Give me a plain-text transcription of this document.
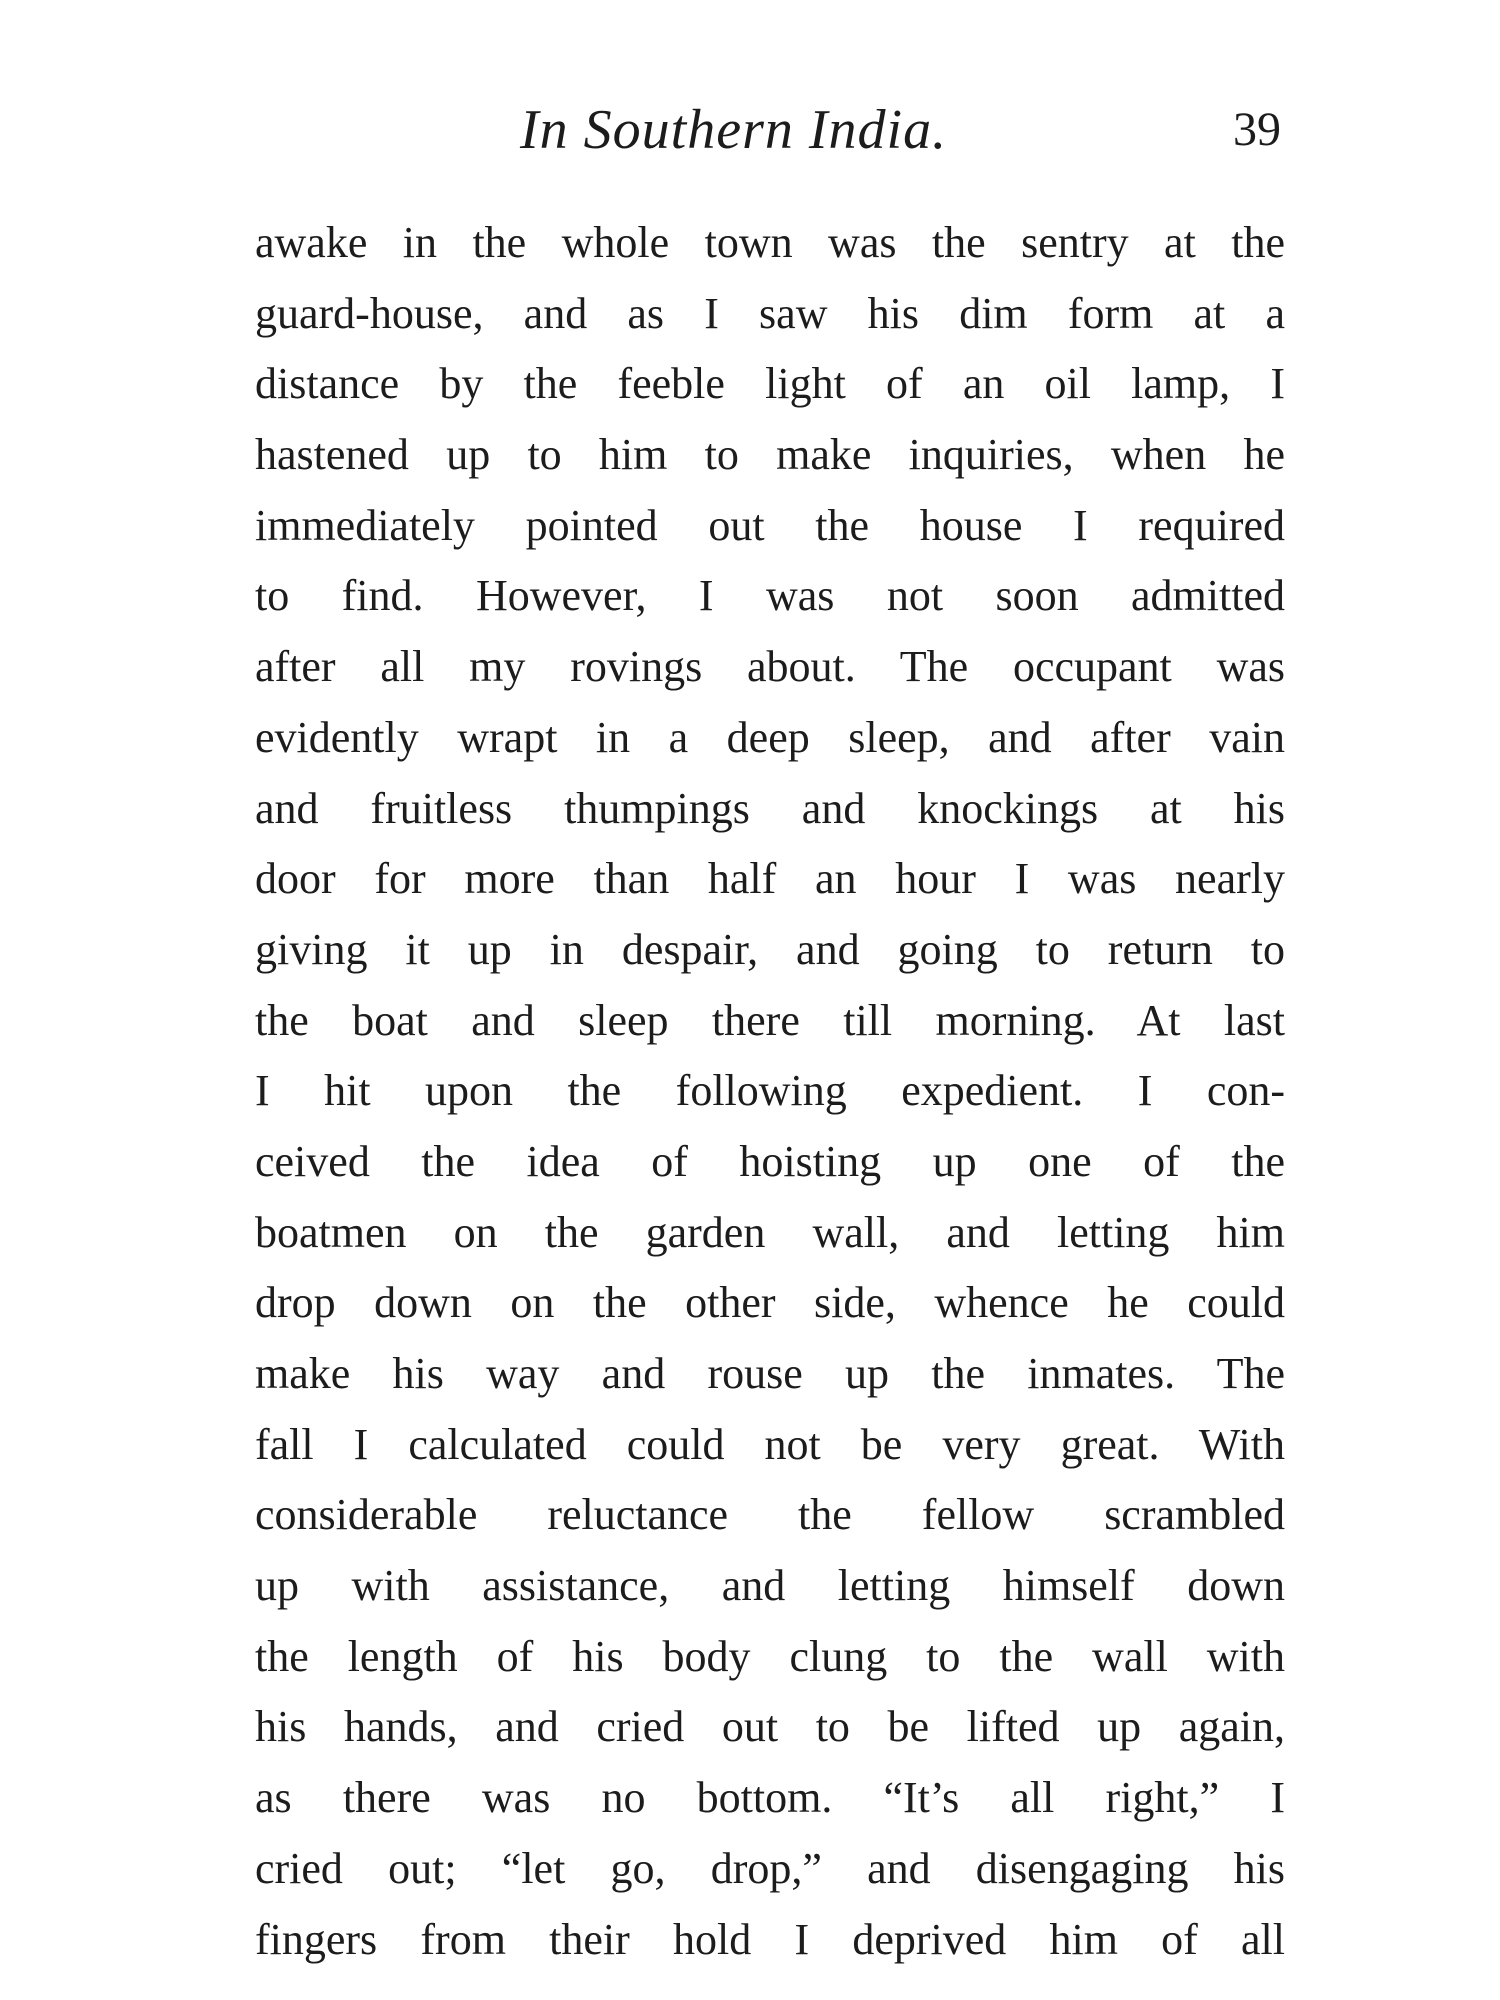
In Southern India.	39
awake in the whole town was the sentry at the
guard-house, and as I saw his dim form at a
distance by the feeble light of an oil lamp, I
hastened up to him to make inquiries, when he
immediately pointed out the house I required
to find. However, I was not soon admitted
after all my rovings about. The occupant was
evidently wrapt in a deep sleep, and after vain
and fruitless thumpings and knockings at his
door for more than half an hour I was nearly
giving it up in despair, and going to return to
the boat and sleep there till morning. At last
I hit upon the following expedient. I con-
ceived the idea of hoisting up one of the
boatmen on the garden wall, and letting him
drop down on the other side, whence he could
make his way and rouse up the inmates. The
fall I calculated could not be very great. With
considerable reluctance the fellow scrambled
up with assistance, and letting himself down
the length of his body clung to the wall with
his hands, and cried out to be lifted up again,
as there was no bottom. “It’s all right,” I
cried out; “let go, drop,” and disengaging his
fingers from their hold I deprived him of all
